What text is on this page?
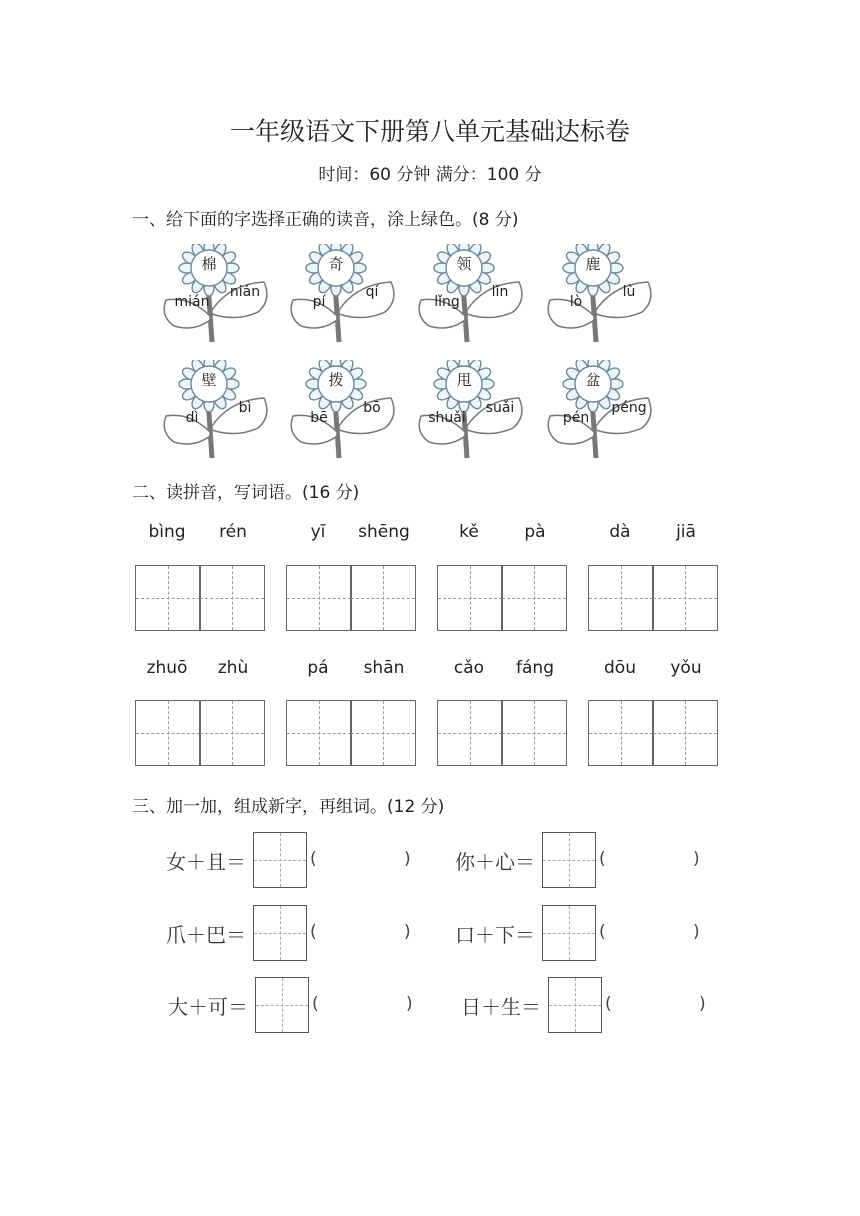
一年级语文下册第八单元基础达标卷
时间：60 分钟 满分：100 分
一、给下面的字选择正确的读音，涂上绿色。(8 分)
二、读拼音，写词语。(16 分)
三、加一加，组成新字，再组词。(12 分)
棉
mián
nián
奇
pí
qí
领
lǐng
lǐn
鹿
lò
lù
壁
dì
bì
拨
bē
bō
甩
shuǎi
suǎi
盆
pén
péng
bìng	rén	yī	shēng	kě	pà	dà	jiā
zhuō	zhù	pá	shān	cǎo	fáng	dōu	yǒu
女＋且＝	(	) 你＋心＝	(	)
爪＋巴＝	(	) 口＋下＝	(	)
大＋可＝	(	) 日＋生＝	(	)
